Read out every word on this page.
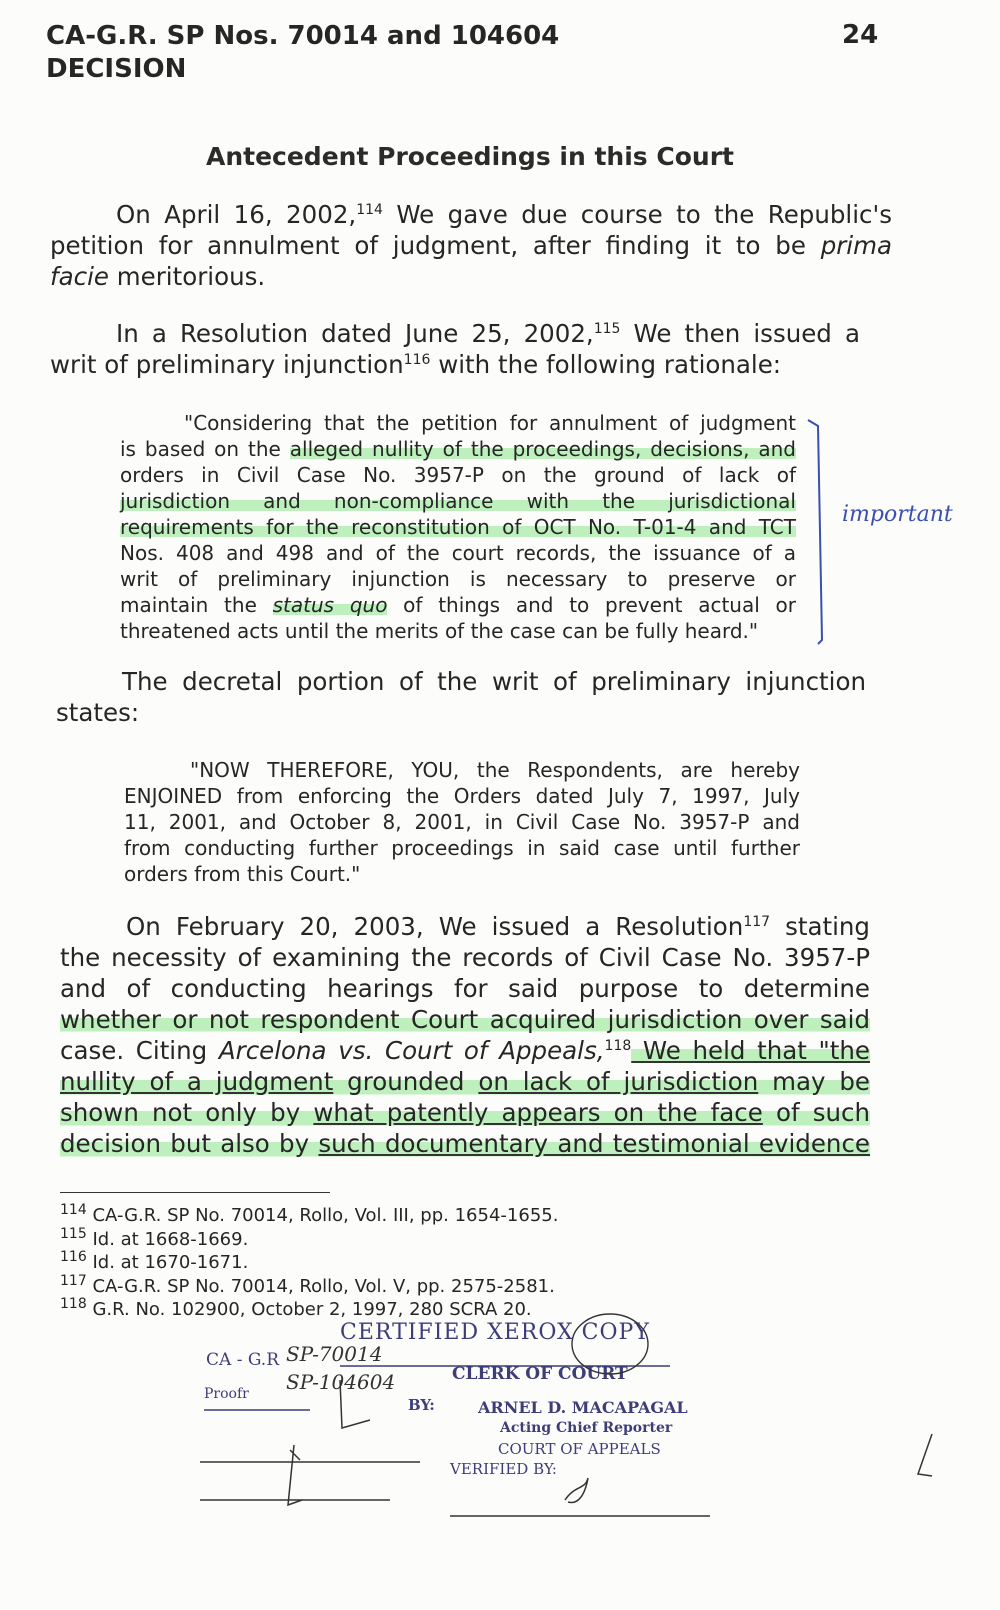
CA-G.R. SP Nos. 70014 and 104604
DECISION
24
Antecedent Proceedings in this Court
On April 16, 2002,$^{114}$ We gave due course to the Republic's
petition for annulment of judgment, after finding it to be prima
facie meritorious.
In a Resolution dated June 25, 2002,$^{115}$ We then issued a
writ of preliminary injunction$^{116}$ with the following rationale:
"Considering that the petition for annulment of judgment
is based on the alleged nullity of the proceedings, decisions, and
orders in Civil Case No. 3957-P on the ground of lack of
jurisdiction and non-compliance with the jurisdictional
requirements for the reconstitution of OCT No. T-01-4 and TCT
Nos. 408 and 498 and of the court records, the issuance of a
writ of preliminary injunction is necessary to preserve or
maintain the status quo of things and to prevent actual or
threatened acts until the merits of the case can be fully heard."
important
The decretal portion of the writ of preliminary injunction
states:
"NOW THEREFORE, YOU, the Respondents, are hereby
ENJOINED from enforcing the Orders dated July 7, 1997, July
11, 2001, and October 8, 2001, in Civil Case No. 3957-P and
from conducting further proceedings in said case until further
orders from this Court."
On February 20, 2003, We issued a Resolution$^{117}$ stating
the necessity of examining the records of Civil Case No. 3957-P
and of conducting hearings for said purpose to determine
whether or not respondent Court acquired jurisdiction over said
case. Citing Arcelona vs. Court of Appeals,$^{118}$ We held that "the
nullity of a judgment grounded on lack of jurisdiction may be
shown not only by what patently appears on the face of such
decision but also by such documentary and testimonial evidence
$^{114}$ CA-G.R. SP No. 70014, Rollo, Vol. III, pp. 1654-1655.
$^{115}$ Id. at 1668-1669.
$^{116}$ Id. at 1670-1671.
$^{117}$ CA-G.R. SP No. 70014, Rollo, Vol. V, pp. 2575-2581.
$^{118}$ G.R. No. 102900, October 2, 1997, 280 SCRA 20.
CERTIFIED XEROX COPY
CLERK OF COURT
CA - G.R
Proofr
BY:	ARNEL D. MACAPAGAL
Acting Chief Reporter
COURT OF APPEALS
VERIFIED BY:
SP-70014
SP-104604
